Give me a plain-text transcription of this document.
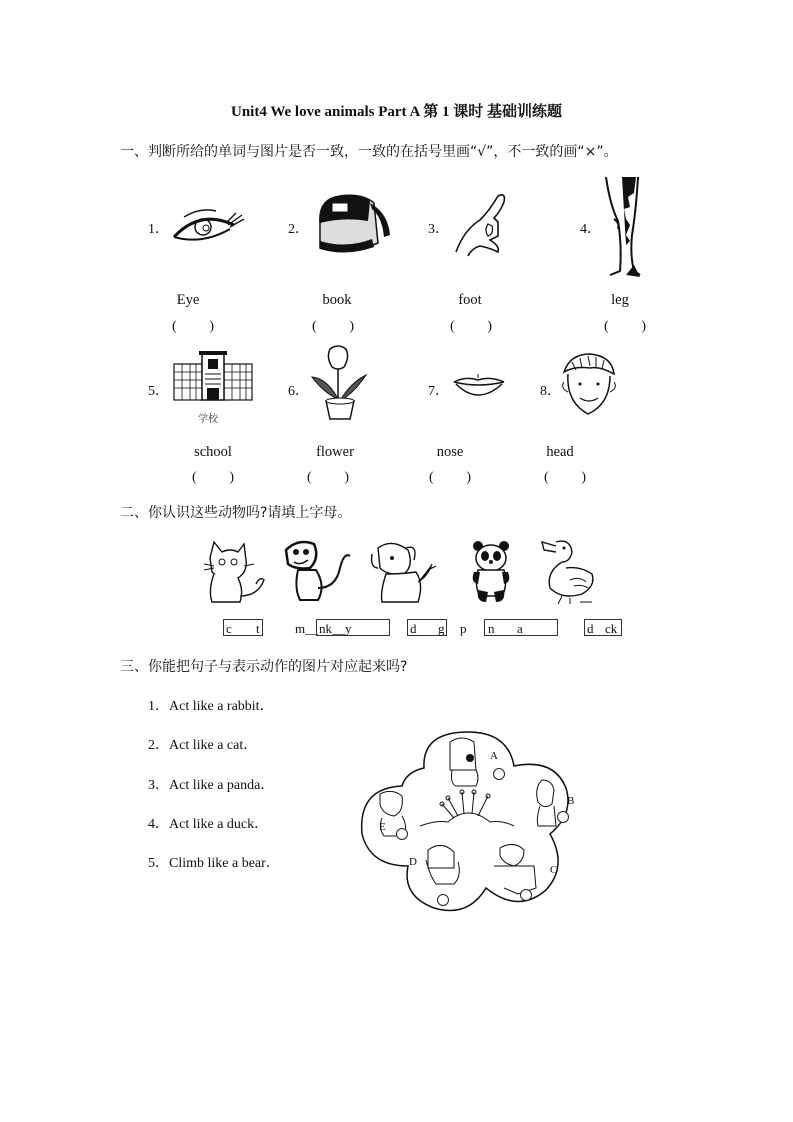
Unit4 We love animals Part A 第 1 课时 基础训练题
一、判断所给的单词与图片是否一致，一致的在括号里画“√”，不一致的画“×”。
1．	2．	3．	4．
Eye	book	foot	leg
( )	( )	( )	( )
5．	6．	7．	8．
学校
school	flower	nose	head
( )	( )	( )	( )
二、你认识这些动物吗?请填上字母。
c t	m__ nk__y	d g p n a	d ck
三、你能把句子与表示动作的图片对应起来吗?
1．Act like a rabbit．
2．Act like a cat．
3．Act like a panda．
4．Act like a duck．
5．Climb like a bear．
A
B
C
D
E
